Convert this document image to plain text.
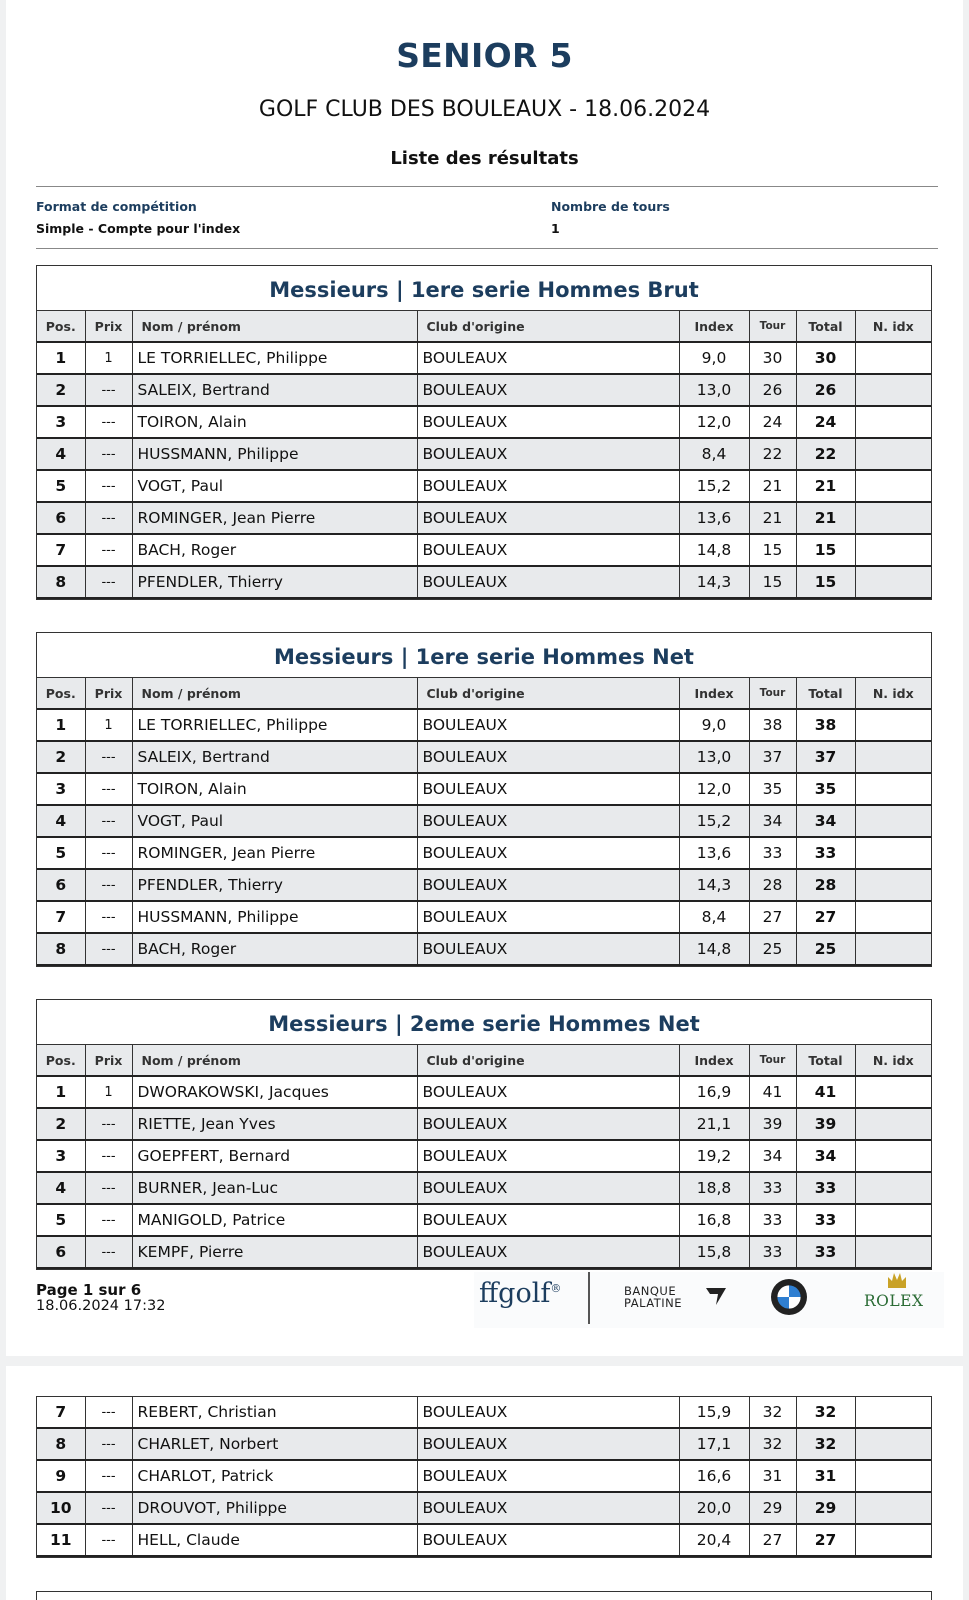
SENIOR 5
GOLF CLUB DES BOULEAUX - 18.06.2024
Liste des résultats
Format de compétition
Simple - Compte pour l'index
Nombre de tours
1
Messieurs | 1ere serie Hommes Brut
Pos.	Prix	Nom / prénom	Club d'origine	Index	Tour	Total	N. idx
1	1	LE TORRIELLEC, Philippe	BOULEAUX	9,0	30	30	
2	---	SALEIX, Bertrand	BOULEAUX	13,0	26	26	
3	---	TOIRON, Alain	BOULEAUX	12,0	24	24	
4	---	HUSSMANN, Philippe	BOULEAUX	8,4	22	22	
5	---	VOGT, Paul	BOULEAUX	15,2	21	21	
6	---	ROMINGER, Jean Pierre	BOULEAUX	13,6	21	21	
7	---	BACH, Roger	BOULEAUX	14,8	15	15	
8	---	PFENDLER, Thierry	BOULEAUX	14,3	15	15	
Messieurs | 1ere serie Hommes Net
Pos.	Prix	Nom / prénom	Club d'origine	Index	Tour	Total	N. idx
1	1	LE TORRIELLEC, Philippe	BOULEAUX	9,0	38	38	
2	---	SALEIX, Bertrand	BOULEAUX	13,0	37	37	
3	---	TOIRON, Alain	BOULEAUX	12,0	35	35	
4	---	VOGT, Paul	BOULEAUX	15,2	34	34	
5	---	ROMINGER, Jean Pierre	BOULEAUX	13,6	33	33	
6	---	PFENDLER, Thierry	BOULEAUX	14,3	28	28	
7	---	HUSSMANN, Philippe	BOULEAUX	8,4	27	27	
8	---	BACH, Roger	BOULEAUX	14,8	25	25	
Messieurs | 2eme serie Hommes Net
Pos.	Prix	Nom / prénom	Club d'origine	Index	Tour	Total	N. idx
1	1	DWORAKOWSKI, Jacques	BOULEAUX	16,9	41	41	
2	---	RIETTE, Jean Yves	BOULEAUX	21,1	39	39	
3	---	GOEPFERT, Bernard	BOULEAUX	19,2	34	34	
4	---	BURNER, Jean-Luc	BOULEAUX	18,8	33	33	
5	---	MANIGOLD, Patrice	BOULEAUX	16,8	33	33	
6	---	KEMPF, Pierre	BOULEAUX	15,8	33	33	
Page 1 sur 6
18.06.2024 17:32	ffgolf®	BANQUE
PALATINE	ROLEX
7	---	REBERT, Christian	BOULEAUX	15,9	32	32	
8	---	CHARLET, Norbert	BOULEAUX	17,1	32	32	
9	---	CHARLOT, Patrick	BOULEAUX	16,6	31	31	
10	---	DROUVOT, Philippe	BOULEAUX	20,0	29	29	
11	---	HELL, Claude	BOULEAUX	20,4	27	27	
